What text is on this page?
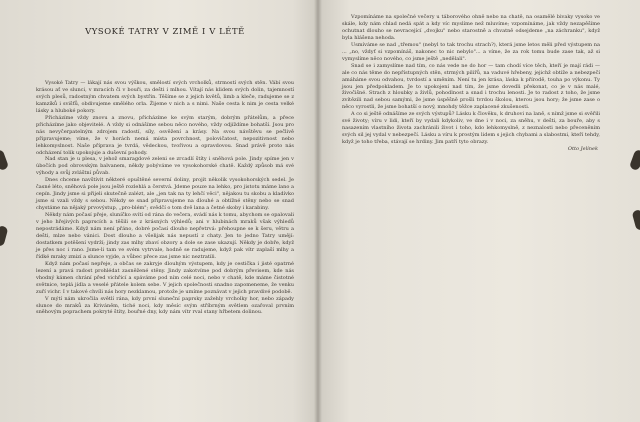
VYSOKÉ TATRY V ZIMĚ I V LÉTĚ

Vysoké Tatry — lákají nás svou výškou, smělostí svých vrcholků, strmostí svých stěn. Vábí svou krásou ať ve slunci, v mracích či v bouři, za dešti i mlhou. Vítají nás klidem svých dolin, tajemností svých plesů, radostným chvatem svých bystřin. Těšíme se z jejich květů, limb a kleče, radujeme se z kamzíků i svišťů, obdivujeme smělého orla. Žijeme v nich a s nimi. Naše cesta k nim je cesta velké lásky a hluboké pokory.

Přicházíme vždy znovu a znovu, přicházíme ke svým starým, dobrým přátelům, a přece přicházíme jako objevitelé. A vždy si odnášíme sebou něco nového, vždy odjíždíme bohatší. Jsou pro nás nevyčerpatelným zdrojem radostí, síly, osvěžení a krásy. Na svou návštěvu se pečlivě připravujeme; víme, že v horách nemá místa povrchnost, polovičatost, nepozitivnost nebo lehkomyslnost. Naše příprava je tvrdá, vědeckou, tvořivou a opravdovou. Snad právě proto nás odcházení tolik upokojuje a duševní pohody.

Nad stan je u plesa, v jehož smaragdové zeleni se zrcadlí štíty i sněhová pole. Jindy spíme jen v úbočích pod obrovským balvanem, někdy pobýváme ve vysokohorské chatě. Každý způsob má své výhody a svůj zvláštní půvab.

Dnes chceme navštívit některé opuštěné severní doliny, projít několik vysokohorských sedel. Je časné léto, sněhová pole jsou ještě rozlehlá a čerstvá. Jdeme pouze na lehko, pro jistotu máme lano a cepín. Jindy jsme si přijeli skutečně zalézt, ale „jen tak na ty lehčí věci", nějakou tu skobu a kladívko jsme si vzali vždy s sebou. Někdy se snad připravujeme na dlouhé a obtížné stěny nebo se snad chystáme na nějaký prvovýstup, „pro-blém"; svědčí o tom dvě lana a četné skoby i karabiny.

Někdy nám počasí přeje, sluníčko svítí od rána do večera, svádí nás k tomu, abychom se opalovali v jeho hřejivých paprscích a těšili se z krásných výhledů; ani v hlubinách mraků však výhledů nepostrádáme. Když nám není přáno, dobré počasí dlouho nepřetrvá: přehoupne se k šeru, větru a dešti, mlze nebo vánici. Dost dlouho a všelijak nás nepustí z chaty. Jen to jedno Tatry umějí: dostatkem potěšení vydrží; jindy zas mlhy zbaví obzory a dole se zase ukazují. Někdy je dobře, když je přes noc i rano. Jsme-li tam ve svém vytrvale, hodně se radujeme, když pak vítr zaplaší mlhy a řídké mraky zmizí a slunce vyjde, a vůbec přece zas jsme nic neztratili.

Když nám počasí nepřeje, a občas se zakryje dlouhým výstupem, kdy je cestička i jisté opatrné lezení a pravá radost prohlédat zasněžené stěny. Jindy zakotvíme pod dobrým převisem, kde nás vhodný kámen chrání před vichřicí a spáváme pod ním celé noci, nebo v chatě, kde máme čistotné světnice, teplá jídla a veselé přátele kolem sebe. V jejich společnosti snadno zapomeneme, že venku zuří vichr. I v takové chvíli nás hory nezklamou, protože je umíme poznávat v jejich pravdivé podobě.

V mýtí nám ukročila světlí rána, kdy první sluneční paprsky zažehly vrcholky hor, nebo západy slunce do mraků za Kriváněm, tiché noci, kdy měsíc svým stříbrným světlem ozařoval prvním sněhovým poprachem pokryté štíty, bouřné dny, kdy nám vítr rval stany hřbetem dolinou.

Vzpomínáme na společné večery u táborového ohně nebo na chatě, na osamělé bivaky vysoko ve skále, kdy nám chlad nedá spát a kdy víc myslíme než mluvíme; vzpomínáme, jak vždy nezapěšíme ochutnat dlouho se nevracející „dvojku" nebo starostně a chvatně odsejdeme „na záchranku", když byla hlášena nehoda.

Usmíváme se nad „třemou" (nebyl to tak trochu strach?), která jsme letos měli před výstupem na ... „no, vždyť si vzpomínáš, nakonec to nic nebylo"... a víme, že za rok tomu bude zase tak, až si vymyslíme něco nového, co jsme ještě „nedělali".

Snad se i zamyslíme nad tím, co nás vede ne do hor — tam chodí více těch, kteří je mají rádi — ale co nás těme do nepřístupných stěn, strmých pilířů, na vaduvé hřebeny, jejichž obtíže a nebezpečí amáháme svou odvahou, tvrdostí a uměním. Není tu jen krása, láska k přírodě, touha po výkonu. Ty jsou jen předpokladem. Je to upokojení nad tím, že jsme dovedli překonat, co je v nás malé, živočišné. Strach z hloubky a živlů, pohodlnost a snad i trochu lenosti. Je to radost z toho, že jsme zvítězili nad sebou samými, že jsme úspěšně prošli tvrdou školou, kterou jsou hory; že jsme zase o něco vyrostli, že jsme bohatší o nový, mnohdy těžce zaplacené zkušenosti.

A co si ještě odnášíme ze svých výstupů? Lásku k člověku, k druhovi na laně, s nímž jsme si svěřili své životy; víru v lidi, kteří by vydali kdykoliv, ve dne i v noci, za sněhu, v dešti, za bouře, aby s nasazením vlastního života zachránili život i toho, kdo lehkomyslně, z neznalosti nebo přeceněním svých sil jej vydal v nebezpečí. Lásku a víru k prostým lidem s jejich chybami a slabostmi, kteří tehdy, když je toho třeba, stávají se hrdiny. Jim patří tyto obrazy.

Otto Jelínek
